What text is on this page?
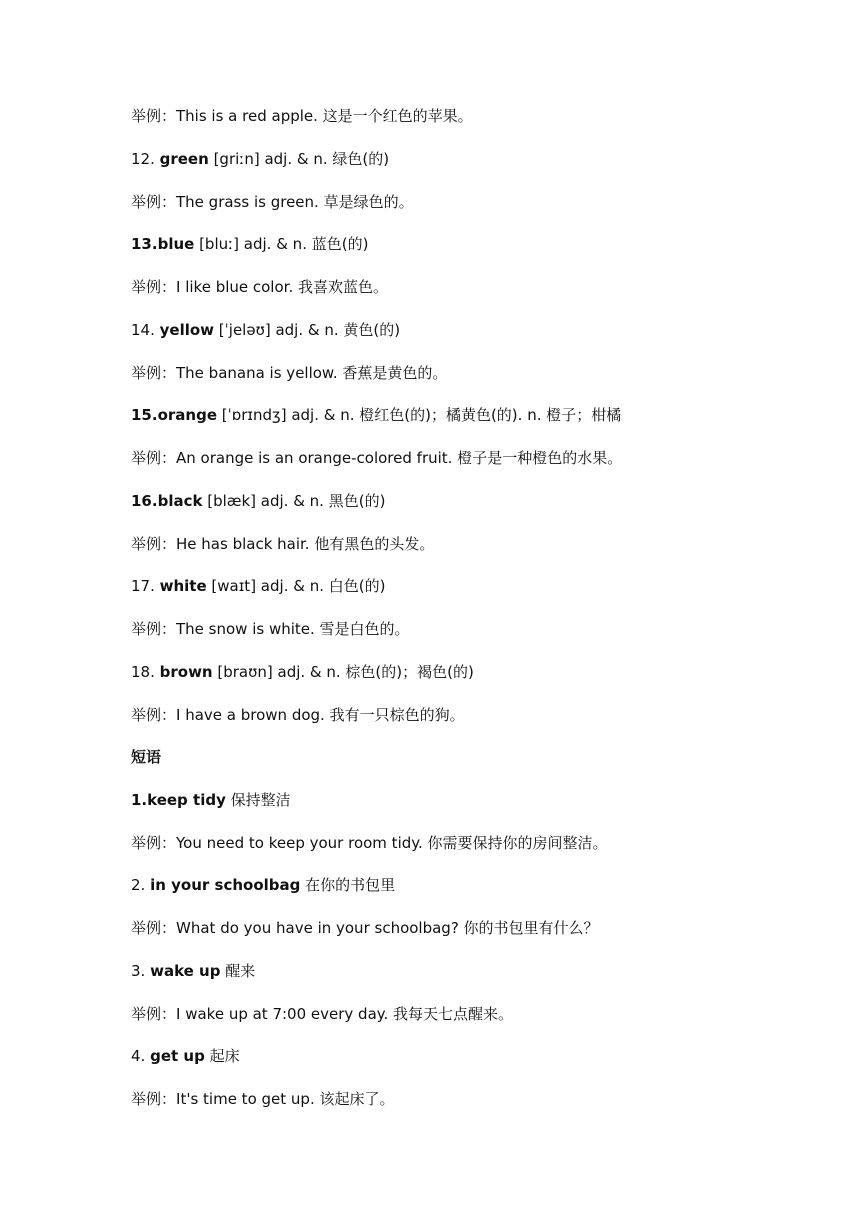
举例：This is a red apple. 这是一个红色的苹果。
12. green [griːn] adj. & n. 绿色(的)
举例：The grass is green. 草是绿色的。
13.blue [bluː] adj. & n. 蓝色(的)
举例：I like blue color. 我喜欢蓝色。
14. yellow [ˈjeləʊ] adj. & n. 黄色(的)
举例：The banana is yellow. 香蕉是黄色的。
15.orange [ˈɒrɪndʒ] adj. & n. 橙红色(的)；橘黄色(的). n. 橙子；柑橘
举例：An orange is an orange-colored fruit. 橙子是一种橙色的水果。
16.black [blæk] adj. & n. 黑色(的)
举例：He has black hair. 他有黑色的头发。
17. white [waɪt] adj. & n. 白色(的)
举例：The snow is white. 雪是白色的。
18. brown [braʊn] adj. & n. 棕色(的)；褐色(的)
举例：I have a brown dog. 我有一只棕色的狗。
短语
1.keep tidy 保持整洁
举例：You need to keep your room tidy. 你需要保持你的房间整洁。
2. in your schoolbag 在你的书包里
举例：What do you have in your schoolbag? 你的书包里有什么？
3. wake up 醒来
举例：I wake up at 7:00 every day. 我每天七点醒来。
4. get up 起床
举例：It's time to get up. 该起床了。
